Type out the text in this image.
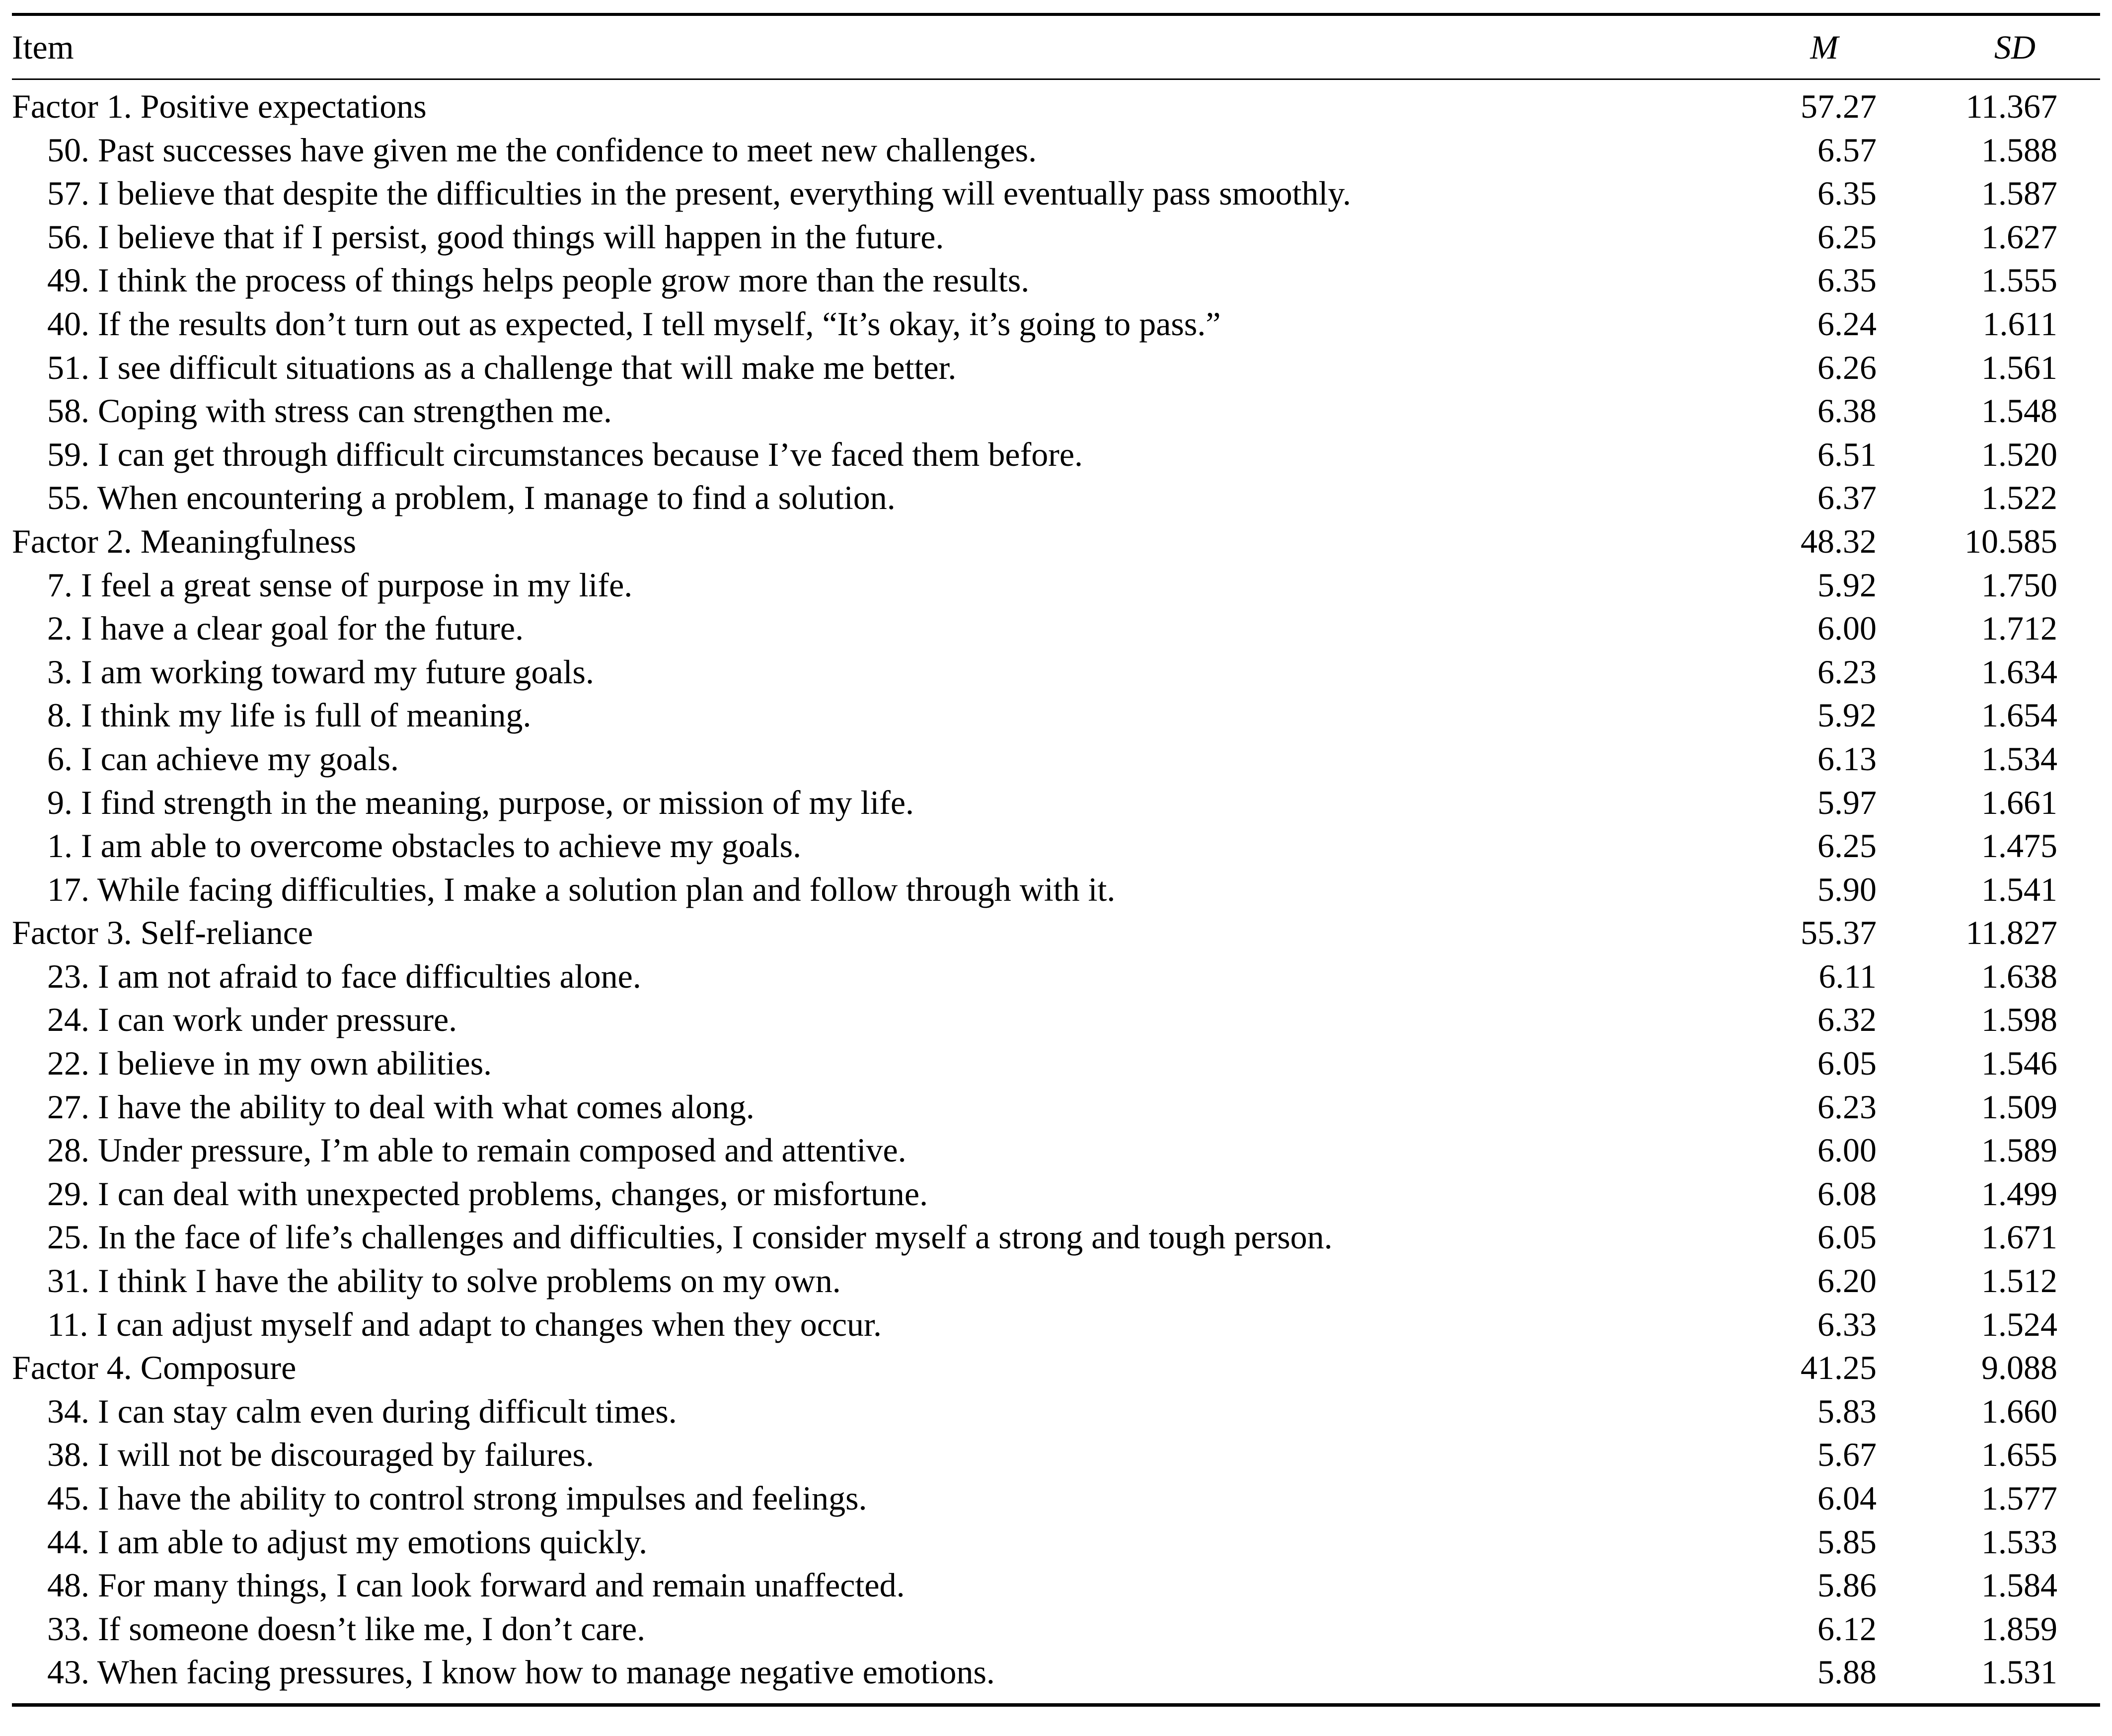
Item	M	SD
Factor 1. Positive expectations	57.27	11.367
50. Past successes have given me the confidence to meet new challenges.	6.57	1.588
57. I believe that despite the difficulties in the present, everything will eventually pass smoothly.	6.35	1.587
56. I believe that if I persist, good things will happen in the future.	6.25	1.627
49. I think the process of things helps people grow more than the results.	6.35	1.555
40. If the results don’t turn out as expected, I tell myself, “It’s okay, it’s going to pass.”	6.24	1.611
51. I see difficult situations as a challenge that will make me better.	6.26	1.561
58. Coping with stress can strengthen me.	6.38	1.548
59. I can get through difficult circumstances because I’ve faced them before.	6.51	1.520
55. When encountering a problem, I manage to find a solution.	6.37	1.522
Factor 2. Meaningfulness	48.32	10.585
7. I feel a great sense of purpose in my life.	5.92	1.750
2. I have a clear goal for the future.	6.00	1.712
3. I am working toward my future goals.	6.23	1.634
8. I think my life is full of meaning.	5.92	1.654
6. I can achieve my goals.	6.13	1.534
9. I find strength in the meaning, purpose, or mission of my life.	5.97	1.661
1. I am able to overcome obstacles to achieve my goals.	6.25	1.475
17. While facing difficulties, I make a solution plan and follow through with it.	5.90	1.541
Factor 3. Self-reliance	55.37	11.827
23. I am not afraid to face difficulties alone.	6.11	1.638
24. I can work under pressure.	6.32	1.598
22. I believe in my own abilities.	6.05	1.546
27. I have the ability to deal with what comes along.	6.23	1.509
28. Under pressure, I’m able to remain composed and attentive.	6.00	1.589
29. I can deal with unexpected problems, changes, or misfortune.	6.08	1.499
25. In the face of life’s challenges and difficulties, I consider myself a strong and tough person.	6.05	1.671
31. I think I have the ability to solve problems on my own.	6.20	1.512
11. I can adjust myself and adapt to changes when they occur.	6.33	1.524
Factor 4. Composure	41.25	9.088
34. I can stay calm even during difficult times.	5.83	1.660
38. I will not be discouraged by failures.	5.67	1.655
45. I have the ability to control strong impulses and feelings.	6.04	1.577
44. I am able to adjust my emotions quickly.	5.85	1.533
48. For many things, I can look forward and remain unaffected.	5.86	1.584
33. If someone doesn’t like me, I don’t care.	6.12	1.859
43. When facing pressures, I know how to manage negative emotions.	5.88	1.531
